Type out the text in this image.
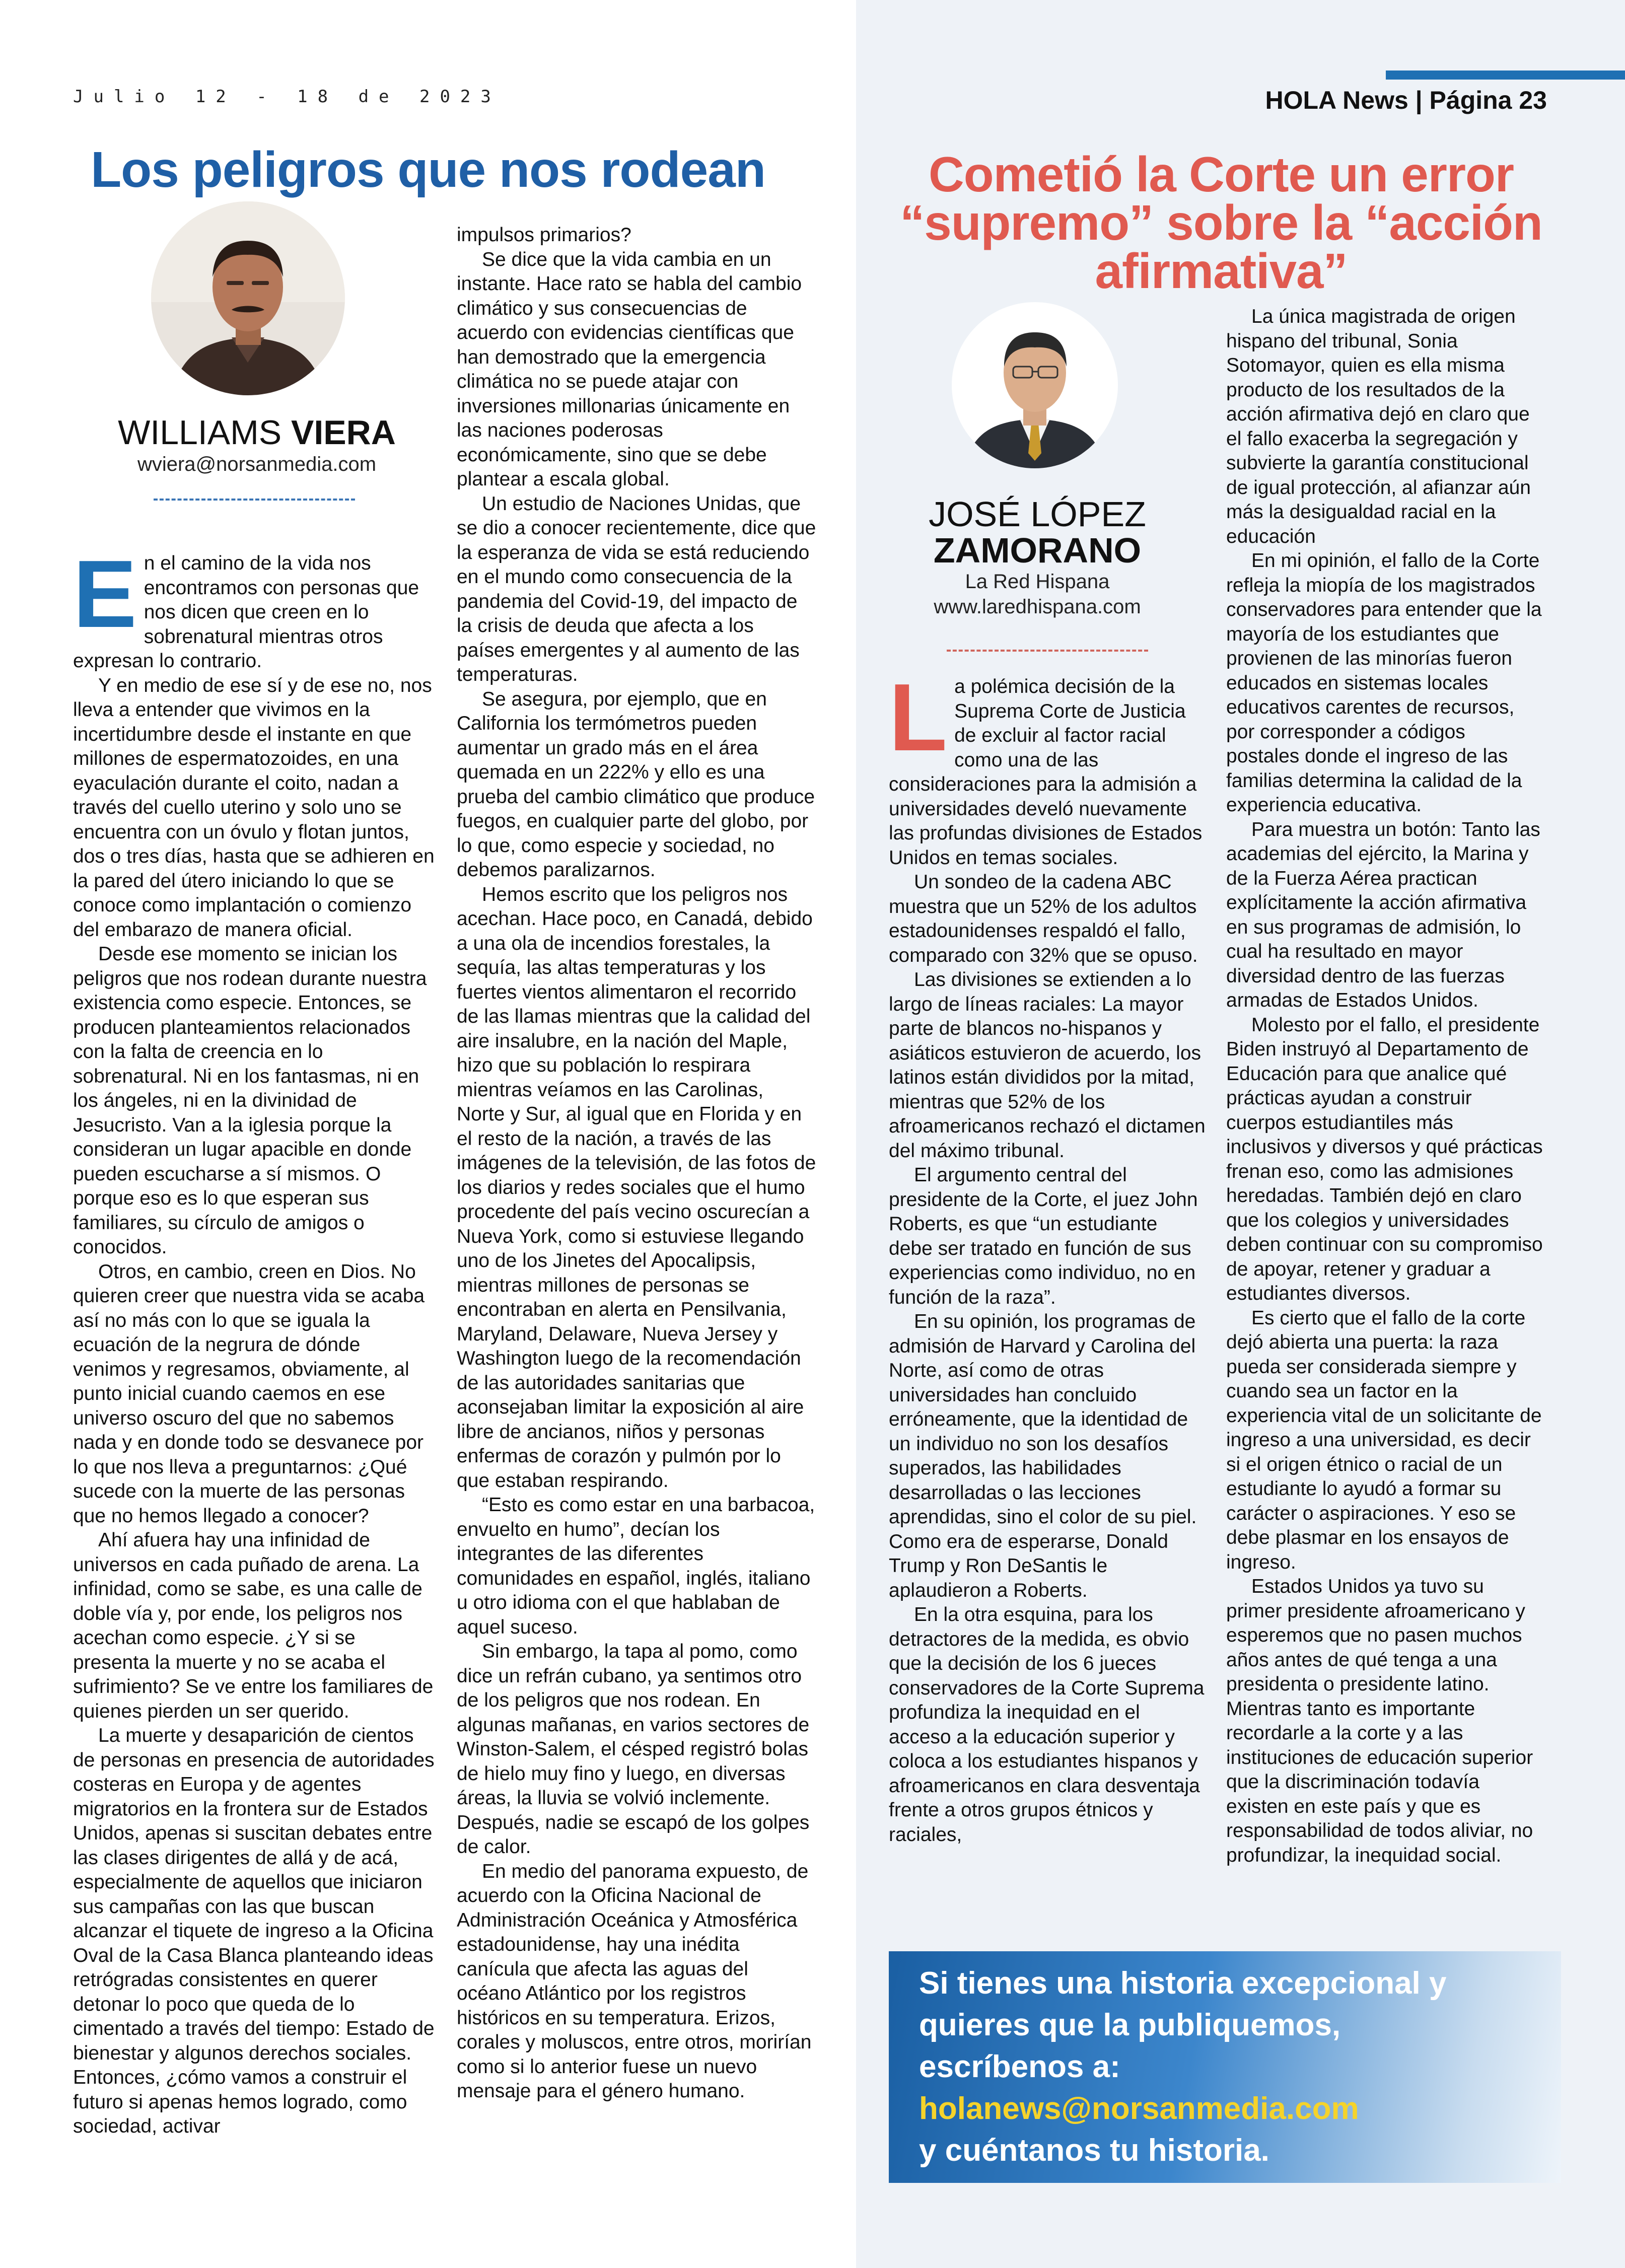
Julio 12 - 18 de 2023	HOLA News | Página 23
Los peligros que nos rodean
WILLIAMS VIERA
wviera@norsanmedia.com

En el camino de la vida nos encontramos con personas que nos dicen que creen en lo sobrenatural mientras otros expresan lo contrario.

Y en medio de ese sí y de ese no, nos lleva a entender que vivimos en la incertidumbre desde el instante en que millones de espermatozoides, en una eyaculación durante el coito, nadan a través del cuello uterino y solo uno se encuentra con un óvulo y flotan juntos, dos o tres días, hasta que se adhieren en la pared del útero iniciando lo que se conoce como implantación o comienzo del embarazo de manera oficial.

Desde ese momento se inician los peligros que nos rodean durante nuestra existencia como especie. Entonces, se producen planteamientos relacionados con la falta de creencia en lo sobrenatural. Ni en los fantasmas, ni en los ángeles, ni en la divinidad de Jesucristo. Van a la iglesia porque la consideran un lugar apacible en donde pueden escucharse a sí mismos. O porque eso es lo que esperan sus familiares, su círculo de amigos o conocidos.

Otros, en cambio, creen en Dios. No quieren creer que nuestra vida se acaba así no más con lo que se iguala la ecuación de la negrura de dónde venimos y regresamos, obviamente, al punto inicial cuando caemos en ese universo oscuro del que no sabemos nada y en donde todo se desvanece por lo que nos lleva a preguntarnos: ¿Qué sucede con la muerte de las personas que no hemos llegado a conocer?

Ahí afuera hay una infinidad de universos en cada puñado de arena. La infinidad, como se sabe, es una calle de doble vía y, por ende, los peligros nos acechan como especie. ¿Y si se presenta la muerte y no se acaba el sufrimiento? Se ve entre los familiares de quienes pierden un ser querido.

La muerte y desaparición de cientos de personas en presencia de autoridades costeras en Europa y de agentes migratorios en la frontera sur de Estados Unidos, apenas si suscitan debates entre las clases dirigentes de allá y de acá, especialmente de aquellos que iniciaron sus campañas con las que buscan alcanzar el tiquete de ingreso a la Oficina Oval de la Casa Blanca planteando ideas retrógradas consistentes en querer detonar lo poco que queda de lo cimentado a través del tiempo: Estado de bienestar y algunos derechos sociales. Entonces, ¿cómo vamos a construir el futuro si apenas hemos logrado, como sociedad, activar

impulsos primarios?

Se dice que la vida cambia en un instante. Hace rato se habla del cambio climático y sus consecuencias de acuerdo con evidencias científicas que han demostrado que la emergencia climática no se puede atajar con inversiones millonarias únicamente en las naciones poderosas económicamente, sino que se debe plantear a escala global.

Un estudio de Naciones Unidas, que se dio a conocer recientemente, dice que la esperanza de vida se está reduciendo en el mundo como consecuencia de la pandemia del Covid-19, del impacto de la crisis de deuda que afecta a los países emergentes y al aumento de las temperaturas.

Se asegura, por ejemplo, que en California los termómetros pueden aumentar un grado más en el área quemada en un 222% y ello es una prueba del cambio climático que produce fuegos, en cualquier parte del globo, por lo que, como especie y sociedad, no debemos paralizarnos.

Hemos escrito que los peligros nos acechan. Hace poco, en Canadá, debido a una ola de incendios forestales, la sequía, las altas temperaturas y los fuertes vientos alimentaron el recorrido de las llamas mientras que la calidad del aire insalubre, en la nación del Maple, hizo que su población lo respirara mientras veíamos en las Carolinas, Norte y Sur, al igual que en Florida y en el resto de la nación, a través de las imágenes de la televisión, de las fotos de los diarios y redes sociales que el humo procedente del país vecino oscurecían a Nueva York, como si estuviese llegando uno de los Jinetes del Apocalipsis, mientras millones de personas se encontraban en alerta en Pensilvania, Maryland, Delaware, Nueva Jersey y Washington luego de la recomendación de las autoridades sanitarias que aconsejaban limitar la exposición al aire libre de ancianos, niños y personas enfermas de corazón y pulmón por lo que estaban respirando.

“Esto es como estar en una barbacoa, envuelto en humo”, decían los integrantes de las diferentes comunidades en español, inglés, italiano u otro idioma con el que hablaban de aquel suceso.

Sin embargo, la tapa al pomo, como dice un refrán cubano, ya sentimos otro de los peligros que nos rodean. En algunas mañanas, en varios sectores de Winston-Salem, el césped registró bolas de hielo muy fino y luego, en diversas áreas, la lluvia se volvió inclemente. Después, nadie se escapó de los golpes de calor.

En medio del panorama expuesto, de acuerdo con la Oficina Nacional de Administración Oceánica y Atmosférica estadounidense, hay una inédita canícula que afecta las aguas del océano Atlántico por los registros históricos en su temperatura. Erizos, corales y moluscos, entre otros, morirían como si lo anterior fuese un nuevo mensaje para el género humano.

Cometió la Corte un error “supremo” sobre la “acción afirmativa”
JOSÉ LÓPEZ
ZAMORANO
La Red Hispana
www.laredhispana.com

La polémica decisión de la Suprema Corte de Justicia de excluir al factor racial como una de las consideraciones para la admisión a universidades develó nuevamente las profundas divisiones de Estados Unidos en temas sociales.

Un sondeo de la cadena ABC muestra que un 52% de los adultos estadounidenses respaldó el fallo, comparado con 32% que se opuso.

Las divisiones se extienden a lo largo de líneas raciales: La mayor parte de blancos no-hispanos y asiáticos estuvieron de acuerdo, los latinos están divididos por la mitad, mientras que 52% de los afroamericanos rechazó el dictamen del máximo tribunal.

El argumento central del presidente de la Corte, el juez John Roberts, es que “un estudiante debe ser tratado en función de sus experiencias como individuo, no en función de la raza”.

En su opinión, los programas de admisión de Harvard y Carolina del Norte, así como de otras universidades han concluido erróneamente, que la identidad de un individuo no son los desafíos superados, las habilidades desarrolladas o las lecciones aprendidas, sino el color de su piel. Como era de esperarse, Donald Trump y Ron DeSantis le aplaudieron a Roberts.

En la otra esquina, para los detractores de la medida, es obvio que la decisión de los 6 jueces conservadores de la Corte Suprema profundiza la inequidad en el acceso a la educación superior y coloca a los estudiantes hispanos y afroamericanos en clara desventaja frente a otros grupos étnicos y raciales,

La única magistrada de origen hispano del tribunal, Sonia Sotomayor, quien es ella misma producto de los resultados de la acción afirmativa dejó en claro que el fallo exacerba la segregación y subvierte la garantía constitucional de igual protección, al afianzar aún más la desigualdad racial en la educación

En mi opinión, el fallo de la Corte refleja la miopía de los magistrados conservadores para entender que la mayoría de los estudiantes que provienen de las minorías fueron educados en sistemas locales educativos carentes de recursos, por corresponder a códigos postales donde el ingreso de las familias determina la calidad de la experiencia educativa.

Para muestra un botón: Tanto las academias del ejército, la Marina y de la Fuerza Aérea practican explícitamente la acción afirmativa en sus programas de admisión, lo cual ha resultado en mayor diversidad dentro de las fuerzas armadas de Estados Unidos.

Molesto por el fallo, el presidente Biden instruyó al Departamento de Educación para que analice qué prácticas ayudan a construir cuerpos estudiantiles más inclusivos y diversos y qué prácticas frenan eso, como las admisiones heredadas. También dejó en claro que los colegios y universidades deben continuar con su compromiso de apoyar, retener y graduar a estudiantes diversos.

Es cierto que el fallo de la corte dejó abierta una puerta: la raza pueda ser considerada siempre y cuando sea un factor en la experiencia vital de un solicitante de ingreso a una universidad, es decir si el origen étnico o racial de un estudiante lo ayudó a formar su carácter o aspiraciones. Y eso se debe plasmar en los ensayos de ingreso.

Estados Unidos ya tuvo su primer presidente afroamericano y esperemos que no pasen muchos años antes de qué tenga a una presidenta o presidente latino. Mientras tanto es importante recordarle a la corte y a las instituciones de educación superior que la discriminación todavía existen en este país y que es responsabilidad de todos aliviar, no profundizar, la inequidad social.

Si tienes una historia excepcional y
quieres que la publiquemos,
escríbenos a:
holanews@norsanmedia.com
y cuéntanos tu historia.
